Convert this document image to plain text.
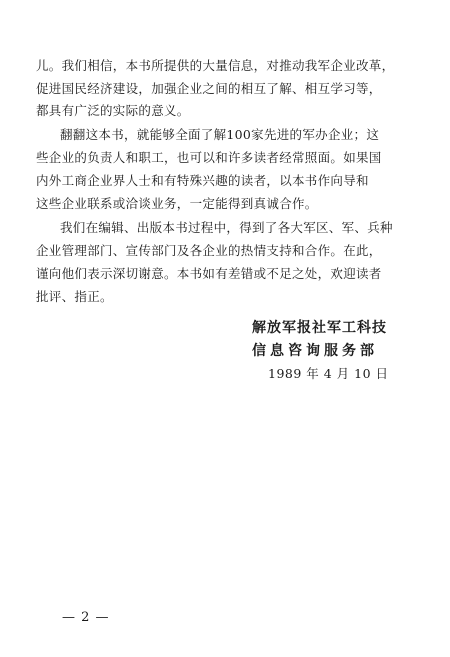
儿。我们相信，本书所提供的大量信息，对推动我军企业改革，
促进国民经济建设，加强企业之间的相互了解、相互学习等，
都具有广泛的实际的意义。
翻翻这本书，就能够全面了解100家先进的军办企业；这
些企业的负责人和职工，也可以和许多读者经常照面。如果国
内外工商企业界人士和有特殊兴趣的读者，以本书作向导和
这些企业联系或洽谈业务，一定能得到真诚合作。
我们在编辑、出版本书过程中，得到了各大军区、军、兵种
企业管理部门、宣传部门及各企业的热情支持和合作。在此，
谨向他们表示深切谢意。本书如有差错或不足之处，欢迎读者
批评、指正。
解放军报社军工科技
信息咨询服务部
1989 年 4 月 10 日
— 2 —
